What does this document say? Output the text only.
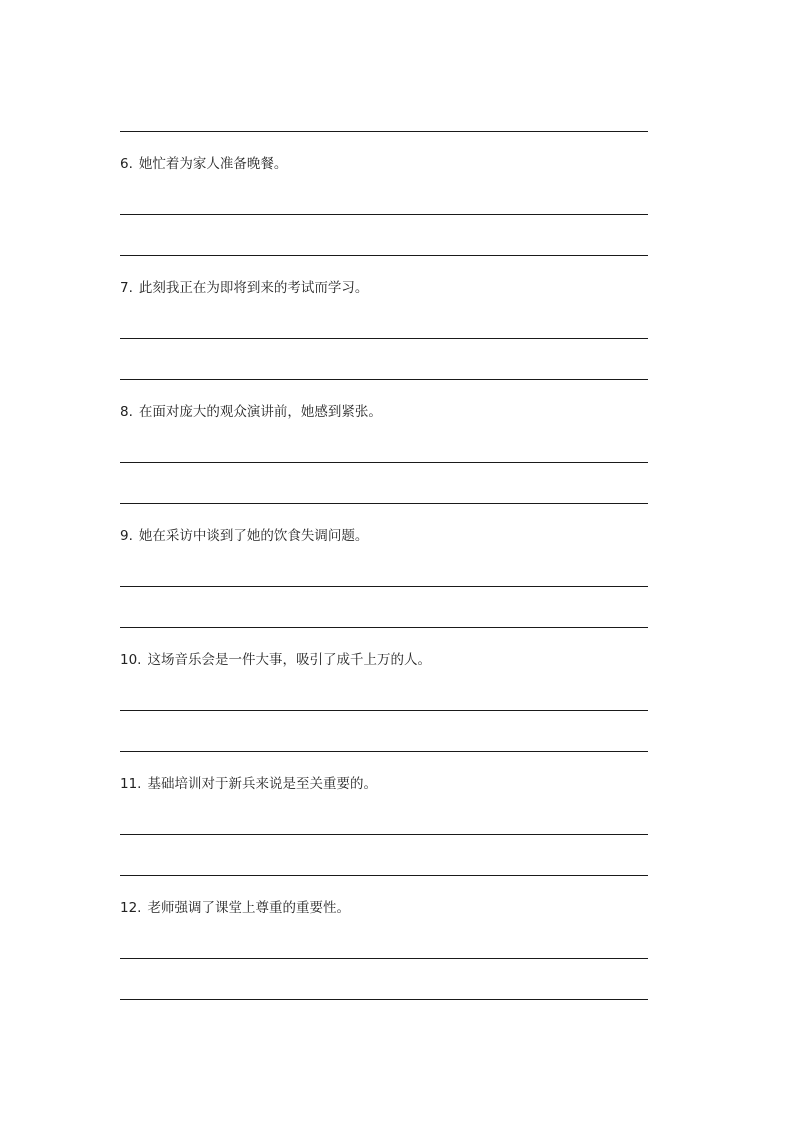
6. 她忙着为家人准备晚餐。
7. 此刻我正在为即将到来的考试而学习。
8. 在面对庞大的观众演讲前，她感到紧张。
9. 她在采访中谈到了她的饮食失调问题。
10. 这场音乐会是一件大事，吸引了成千上万的人。
11. 基础培训对于新兵来说是至关重要的。
12. 老师强调了课堂上尊重的重要性。
